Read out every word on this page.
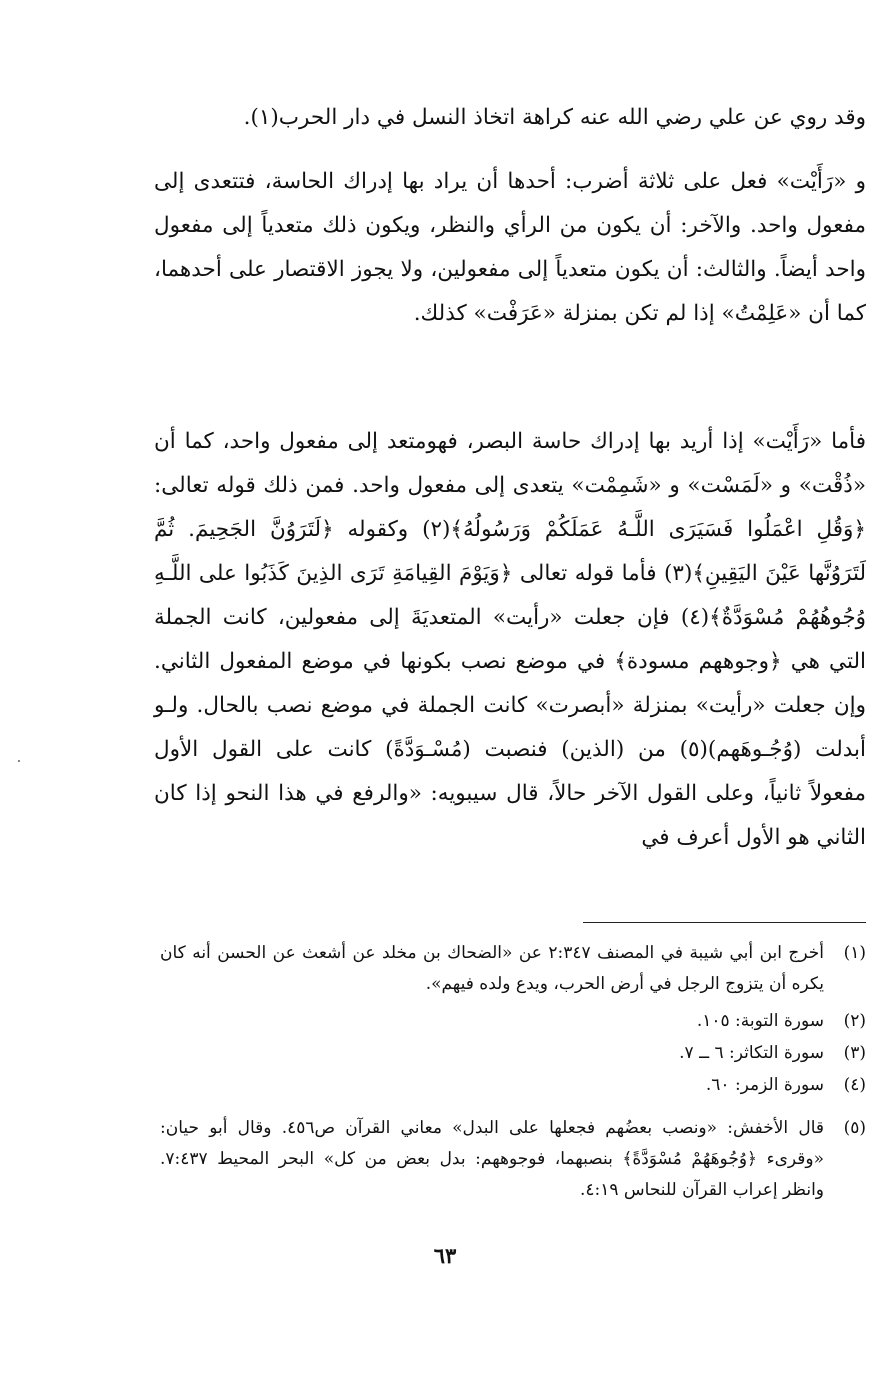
وقد روي عن علي رضي الله عنه كراهة اتخاذ النسل في دار الحرب(١).

و «رَأَيْت» فعل على ثلاثة أضرب: أحدها أن يراد بها إدراك الحاسة، فتتعدى إلى مفعول واحد. والآخر: أن يكون من الرأي والنظر، ويكون ذلك متعدياً إلى مفعول واحد أيضاً. والثالث: أن يكون متعدياً إلى مفعولين، ولا يجوز الاقتصار على أحدهما، كما أن «عَلِمْتُ» إذا لم تكن بمنزلة «عَرَفْت» كذلك.

فأما «رَأَيْت» إذا أريد بها إدراك حاسة البصر، فهومتعد إلى مفعول واحد، كما أن «ذُقْت» و «لَمَسْت» و «شَمِمْت» يتعدى إلى مفعول واحد. فمن ذلك قوله تعالى: ﴿وَقُلِ اعْمَلُوا فَسَيَرَى اللَّـهُ عَمَلَكُمْ وَرَسُولُهُ﴾(٢) وكقوله ﴿لَتَرَوُنَّ الجَحِيمَ. ثُمَّ لَتَرَوُنَّها عَيْنَ اليَقِينِ﴾(٣) فأما قوله تعالى ﴿وَيَوْمَ القِيامَةِ تَرَى الذِينَ كَذَبُوا على اللَّـهِ وُجُوهُهُمْ مُسْوَدَّةٌ﴾(٤) فإن جعلت «رأيت» المتعديَةَ إلى مفعولين، كانت الجملة التي هي ﴿وجوههم مسودة﴾ في موضع نصب بكونها في موضع المفعول الثاني. وإن جعلت «رأيت» بمنزلة «أبصرت» كانت الجملة في موضع نصب بالحال. ولـو أبدلت (وُجُـوهَهم)(٥) من (الذين) فنصبت (مُسْـوَدَّةً) كانت على القول الأول مفعولاً ثانياً، وعلى القول الآخر حالاً، قال سيبويه: «والرفع في هذا النحو إذا كان الثاني هو الأول أعرف في

(١)
أخرج ابن أبي شيبة في المصنف ٢:٣٤٧ عن «الضحاك بن مخلد عن أشعث عن الحسن أنه كان يكره أن يتزوج الرجل في أرض الحرب، ويدع ولده فيهم».
(٢)
سورة التوبة: ١٠٥.
(٣)
سورة التكاثر: ٦ ــ ٧.
(٤)
سورة الزمر: ٦٠.
(٥)
قال الأخفش: «ونصب بعضُهم فجعلها على البدل» معاني القرآن ص٤٥٦. وقال أبو حيان: «وقرىء ﴿وُجُوهَهُمْ مُسْوَدَّةً﴾ بنصبهما، فوجوههم: بدل بعض من كل» البحر المحيط ٧:٤٣٧. وانظر إعراب القرآن للنحاس ٤:١٩.
٦٣
